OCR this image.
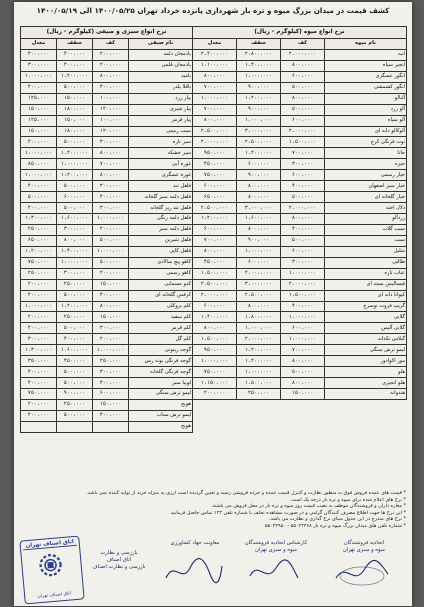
کشف قیمت در میدان بزرگ میوه و تره بار شهرداری پانزده خرداد تهران ۱۴۰۰/۰۵/۲۵ الی ۱۴۰۰/۰۵/۱۹
نرخ انواع میوه (کیلوگرم - ریال)			
نام میوه	کف	سقف	معدل
انبه	۲،۰۰۰،۰۰۰	۲،۸۰۰،۰۰۰	۲،۴۰۰،۰۰۰
انجیر سیاه	۸۰۰،۰۰۰	۱،۴۰۰،۰۰۰	۱،۱۰۰،۰۰۰
انگور عسگری	۶۰۰،۰۰۰	۱،۰۰۰،۰۰۰	۸۰۰،۰۰۰
انگور کشمشی	۵۰۰،۰۰۰	۹۰۰،۰۰۰	۷۰۰،۰۰۰
آلبالو	۸۰۰،۰۰۰	۱،۲۰۰،۰۰۰	۱،۰۰۰،۰۰۰
آلو زرد	۵۰۰،۰۰۰	۹۰۰،۰۰۰	۷۰۰،۰۰۰
آلو سیاه	۶۰۰،۰۰۰	۱،۰۰۰،۰۰۰	۸۰۰،۰۰۰
آلوکالو دانه ای	۲،۰۰۰،۰۰۰	۳،۰۰۰،۰۰۰	۲،۵۰۰،۰۰۰
توت فرنگی کرج	۱،۵۰۰،۰۰۰	۲،۵۰۰،۰۰۰	۲،۰۰۰،۰۰۰
جانا	۷۰۰،۰۰۰	۱،۲۰۰،۰۰۰	۹۵۰،۰۰۰
حبزه	۳۰۰،۰۰۰	۶۰۰،۰۰۰	۴۵۰،۰۰۰
خیار رسمی	۶۰۰،۰۰۰	۹۰۰،۰۰۰	۷۵۰،۰۰۰
خیار سبز اصفهان	۴۰۰،۰۰۰	۸۰۰،۰۰۰	۶۰۰،۰۰۰
خیار گلخانه ای	۵۰۰،۰۰۰	۸۰۰،۰۰۰	۶۵۰،۰۰۰
دلال اخته	۲،۰۰۰،۰۰۰	۳،۰۰۰،۰۰۰	۲،۵۰۰،۰۰۰
زردآلو	۸۰۰،۰۰۰	۱،۶۰۰،۰۰۰	۱،۲۰۰،۰۰۰
سیب گلاب	۴۰۰،۰۰۰	۸۰۰،۰۰۰	۶۰۰،۰۰۰
سیب	۵۰۰،۰۰۰	۹۰۰،۰۰۰	۷۰۰،۰۰۰
شلیل	۶۰۰،۰۰۰	۱،۰۰۰،۰۰۰	۸۰۰،۰۰۰
طالبی	۳۰۰،۰۰۰	۶۰۰،۰۰۰	۴۵۰،۰۰۰
عناب تازه	۱،۰۰۰،۰۰۰	۲،۰۰۰،۰۰۰	۱،۵۰۰،۰۰۰
فیسالیس بسته ای	۲،۰۰۰،۰۰۰	۳،۰۰۰،۰۰۰	۲،۵۰۰،۰۰۰
کیوانا دانه ای	۱،۵۰۰،۰۰۰	۲،۵۰۰،۰۰۰	۲،۰۰۰،۰۰۰
گریپ فروت توسرخ	۴۰۰،۰۰۰	۸۰۰،۰۰۰	۶۰۰،۰۰۰
گلابی	۱،۰۰۰،۰۰۰	۱،۸۰۰،۰۰۰	۱،۴۰۰،۰۰۰
گلابی آلیس	۶۰۰،۰۰۰	۱،۰۰۰،۰۰۰	۸۰۰،۰۰۰
گیلاس تکدانه	۱،۰۰۰،۰۰۰	۲،۰۰۰،۰۰۰	۱،۵۰۰،۰۰۰
لیمو ترش سنگی	۷۰۰،۰۰۰	۱،۲۰۰،۰۰۰	۹۵۰،۰۰۰
موز اکوادور	۸۰۰،۰۰۰	۱،۲۰۰،۰۰۰	۱،۰۰۰،۰۰۰
هلو	۵۰۰،۰۰۰	۱،۰۰۰،۰۰۰	۷۵۰،۰۰۰
هلو انجیری	۸۰۰،۰۰۰	۱،۵۰۰،۰۰۰	۱،۱۵۰،۰۰۰
هندوانه	۱۵۰،۰۰۰	۲۵۰،۰۰۰	۲۰۰،۰۰۰
نرخ انواع سبزی و صیفی (کیلوگرم - ریال)			
نام صیفی	کف	سقف	معدل
بادمجان دلمه	۲۰۰،۰۰۰	۴۰۰،۰۰۰	۳۰۰،۰۰۰
بادمجان قلمی	۲۰۰،۰۰۰	۴۰۰،۰۰۰	۳۰۰،۰۰۰
بامیه	۸۰۰،۰۰۰	۱،۲۰۰،۰۰۰	۱،۰۰۰،۰۰۰
باقلا پلدر	۳۰۰،۰۰۰	۵۰۰،۰۰۰	۴۰۰،۰۰۰
پیاز زرد	۱۰۰،۰۰۰	۱۵۰،۰۰۰	۱۲۵،۰۰۰
پیاز شیری	۱۲۰،۰۰۰	۱۸۰،۰۰۰	۱۵۰،۰۰۰
پیاز قرمز	۱۰۰،۰۰۰	۱۵۰،۰۰۰	۱۲۵،۰۰۰
سیب زمینی	۱۲۰،۰۰۰	۱۸۰،۰۰۰	۱۵۰،۰۰۰
سیر تازه	۳۰۰،۰۰۰	۵۰۰،۰۰۰	۴۰۰،۰۰۰
سیر خشکه	۸۰۰،۰۰۰	۱،۲۰۰،۰۰۰	۱،۰۰۰،۰۰۰
غوره آبی	۷۰۰،۰۰۰	۱،۰۰۰،۰۰۰	۸۵۰،۰۰۰
غوره عسگری	۸۰۰،۰۰۰	۱،۲۰۰،۰۰۰	۱،۰۰۰،۰۰۰
فلفل تند	۳۰۰،۰۰۰	۵۰۰،۰۰۰	۴۰۰،۰۰۰
فلفل دلمه سبز گلخانه	۴۰۰،۰۰۰	۶۰۰،۰۰۰	۵۰۰،۰۰۰
فلفل تند ریز گلخانه	۳۰۰،۰۰۰	۵۰۰،۰۰۰	۴۰۰،۰۰۰
فلفل دلمه رنگی	۱،۰۰۰،۰۰۰	۱،۶۰۰،۰۰۰	۱،۳۰۰،۰۰۰
فلفل دلمه سبز	۲۰۰،۰۰۰	۳۰۰،۰۰۰	۲۵۰،۰۰۰
فلفل شیرین	۵۰۰،۰۰۰	۸۰۰،۰۰۰	۶۵۰،۰۰۰
فلفل کاپی	۱،۰۰۰،۰۰۰	۱،۴۰۰،۰۰۰	۱،۲۰۰،۰۰۰
کاهو پیچ سالادی	۵۰۰،۰۰۰	۱،۰۰۰،۰۰۰	۷۵۰،۰۰۰
کاهو رسمی	۲۰۰،۰۰۰	۳۰۰،۰۰۰	۲۵۰،۰۰۰
کدو مسمایی	۱۵۰،۰۰۰	۲۵۰،۰۰۰	۲۰۰،۰۰۰
کرفس گلخانه ای	۳۰۰،۰۰۰	۵۰۰،۰۰۰	۴۰۰،۰۰۰
کلم بروکلی	۸۰۰،۰۰۰	۱،۲۰۰،۰۰۰	۱،۰۰۰،۰۰۰
کلم سفید	۱۵۰،۰۰۰	۲۵۰،۰۰۰	۲۰۰،۰۰۰
کلم قرمز	۳۰۰،۰۰۰	۵۰۰،۰۰۰	۴۰۰،۰۰۰
کلم گل	۲۰۰،۰۰۰	۴۰۰،۰۰۰	۳۰۰،۰۰۰
گوجه زیتونی	۱،۰۰۰،۰۰۰	۱،۶۰۰،۰۰۰	۱،۳۰۰،۰۰۰
گوجه فرنگی بوته رس	۲۵۰،۰۰۰	۴۵۰،۰۰۰	۳۵۰،۰۰۰
گوجه فرنگی گلخانه	۳۰۰،۰۰۰	۵۰۰،۰۰۰	۴۰۰،۰۰۰
لوبیا سبز	۳۰۰،۰۰۰	۵۰۰،۰۰۰	۴۰۰،۰۰۰
لیمو ترش سنگی	۶۰۰،۰۰۰	۹۰۰،۰۰۰	۷۵۰،۰۰۰
هویج	۱۵۰،۰۰۰	۲۵۰،۰۰۰	۲۰۰،۰۰۰
لیمو ترش سناب	۳۰۰،۰۰۰	۵۰۰،۰۰۰	۴۰۰،۰۰۰
هویج			
* قیمت های عمده فروش فوق به منظور نظارت و کنترل قیمت عمده و خرده فروشی رسید و تعیین گردیده است ارزی به منزله خرید از تولید کننده نمی باشد.
* نرخ های اعلام شده برای میوه و تره بار درجه یک است.
* مغازه داران و فروشندگان موظف به نصب قیمت روز میوه و تره بار در محل فروش می باشند.
* این نرخ ها جهت اطلاع مصرف کنندگان گرامی و در صورت مشاهده تخلف با شماره تلفن ۱۲۴ تماس حاصل فرمایید.
* نرخ های مندرج در این جدول مبنای نرخ گذاری و نظارت می باشد.
* شماره تلفن های میدان بزرگ میوه و تره بار ۵۵۰۴۲۴۶۸ - ۵۵۰۴۲۹۵۰
اتاق اصناف تهران
اتاق اصناف تهران
بازرسی و نظارت
اتاق اصناف
بازرسی و نظارت اصناف
معاونت جهاد کشاورزی	کارشناس اتحادیه فروشندگان
میوه و سبزی تهران
اتحادیه فروشندگان
میوه و سبزی تهران
